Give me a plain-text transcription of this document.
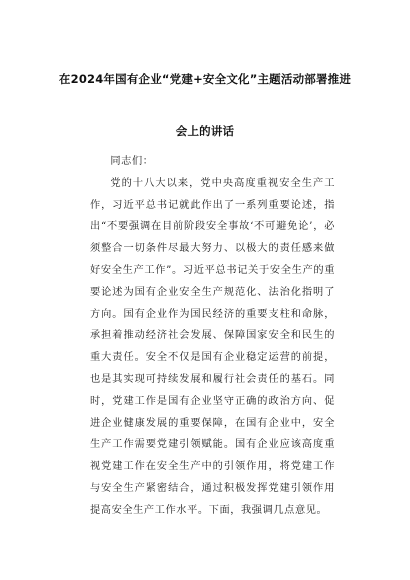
在2024年国有企业“党建+安全文化”主题活动部署推进
会上的讲话

同志们：

党的十八大以来，党中央高度重视安全生产工作，习近平总书记就此作出了一系列重要论述，指出“不要强调在目前阶段安全事故‘不可避免论’，必须整合一切条件尽最大努力、以极大的责任感来做好安全生产工作”。习近平总书记关于安全生产的重要论述为国有企业安全生产规范化、法治化指明了方向。国有企业作为国民经济的重要支柱和命脉，承担着推动经济社会发展、保障国家安全和民生的重大责任。安全不仅是国有企业稳定运营的前提，也是其实现可持续发展和履行社会责任的基石。同时，党建工作是国有企业坚守正确的政治方向、促进企业健康发展的重要保障，在国有企业中，安全生产工作需要党建引领赋能。国有企业应该高度重视党建工作在安全生产中的引领作用，将党建工作与安全生产紧密结合，通过积极发挥党建引领作用提高安全生产工作水平。下面，我强调几点意见。
